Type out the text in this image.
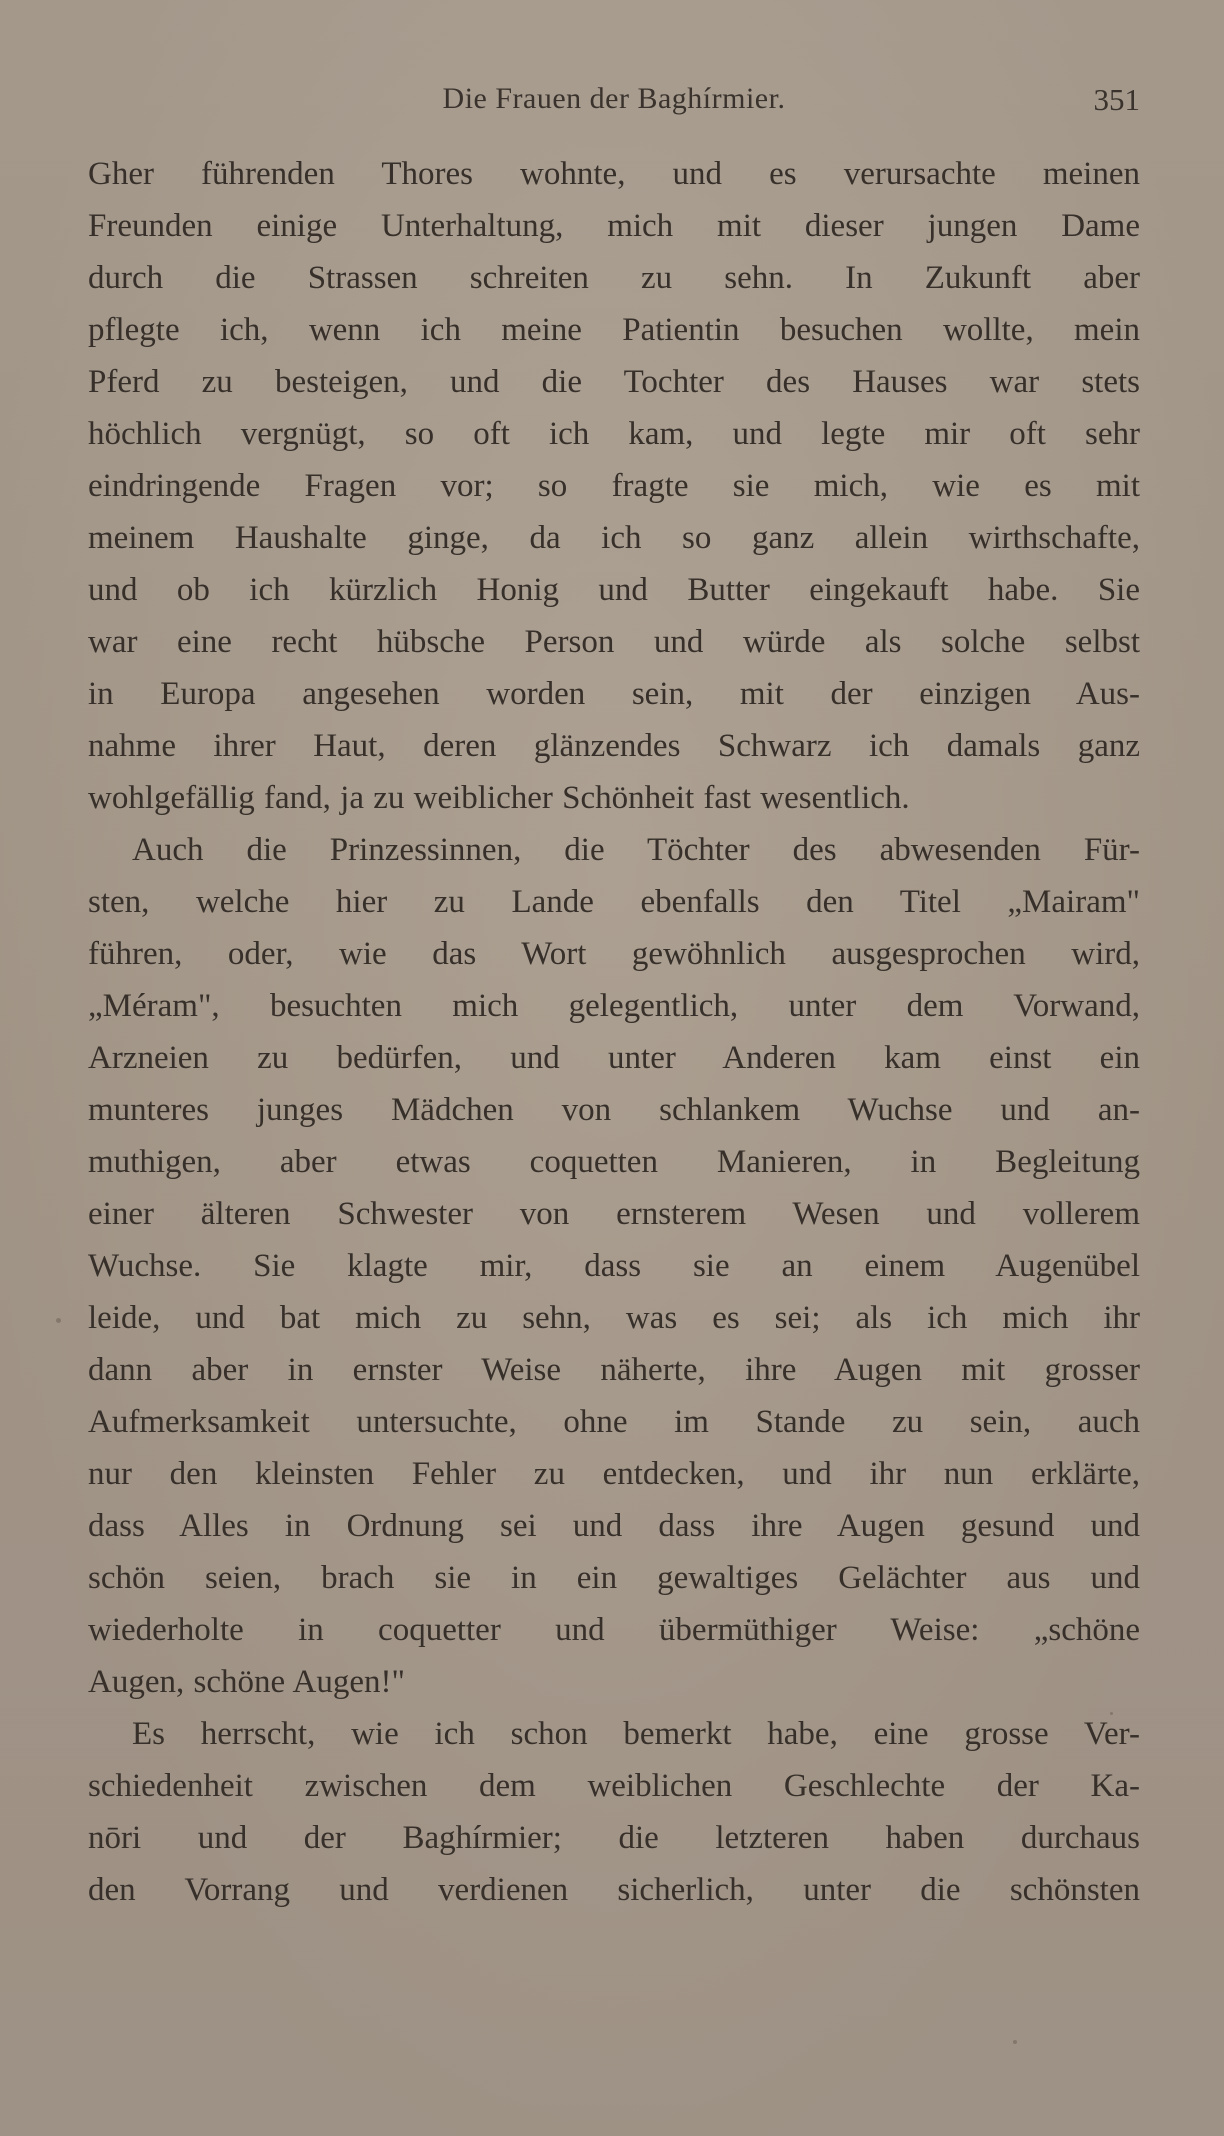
Die Frauen der Baghírmier.	351
Gher führenden Thores wohnte, und es verursachte meinen
Freunden einige Unterhaltung, mich mit dieser jungen Dame
durch die Strassen schreiten zu sehn. In Zukunft aber
pflegte ich, wenn ich meine Patientin besuchen wollte, mein
Pferd zu besteigen, und die Tochter des Hauses war stets
höchlich vergnügt, so oft ich kam, und legte mir oft sehr
eindringende Fragen vor; so fragte sie mich, wie es mit
meinem Haushalte ginge, da ich so ganz allein wirthschafte,
und ob ich kürzlich Honig und Butter eingekauft habe. Sie
war eine recht hübsche Person und würde als solche selbst
in Europa angesehen worden sein, mit der einzigen Aus-
nahme ihrer Haut, deren glänzendes Schwarz ich damals ganz
wohlgefällig fand, ja zu weiblicher Schönheit fast wesentlich.
Auch die Prinzessinnen, die Töchter des abwesenden Für-
sten, welche hier zu Lande ebenfalls den Titel „Mairam"
führen, oder, wie das Wort gewöhnlich ausgesprochen wird,
„Méram", besuchten mich gelegentlich, unter dem Vorwand,
Arzneien zu bedürfen, und unter Anderen kam einst ein
munteres junges Mädchen von schlankem Wuchse und an-
muthigen, aber etwas coquetten Manieren, in Begleitung
einer älteren Schwester von ernsterem Wesen und vollerem
Wuchse. Sie klagte mir, dass sie an einem Augenübel
leide, und bat mich zu sehn, was es sei; als ich mich ihr
dann aber in ernster Weise näherte, ihre Augen mit grosser
Aufmerksamkeit untersuchte, ohne im Stande zu sein, auch
nur den kleinsten Fehler zu entdecken, und ihr nun erklärte,
dass Alles in Ordnung sei und dass ihre Augen gesund und
schön seien, brach sie in ein gewaltiges Gelächter aus und
wiederholte in coquetter und übermüthiger Weise: „schöne
Augen, schöne Augen!"
Es herrscht, wie ich schon bemerkt habe, eine grosse Ver-
schiedenheit zwischen dem weiblichen Geschlechte der Ka-
nōri und der Baghírmier; die letzteren haben durchaus
den Vorrang und verdienen sicherlich, unter die schönsten
